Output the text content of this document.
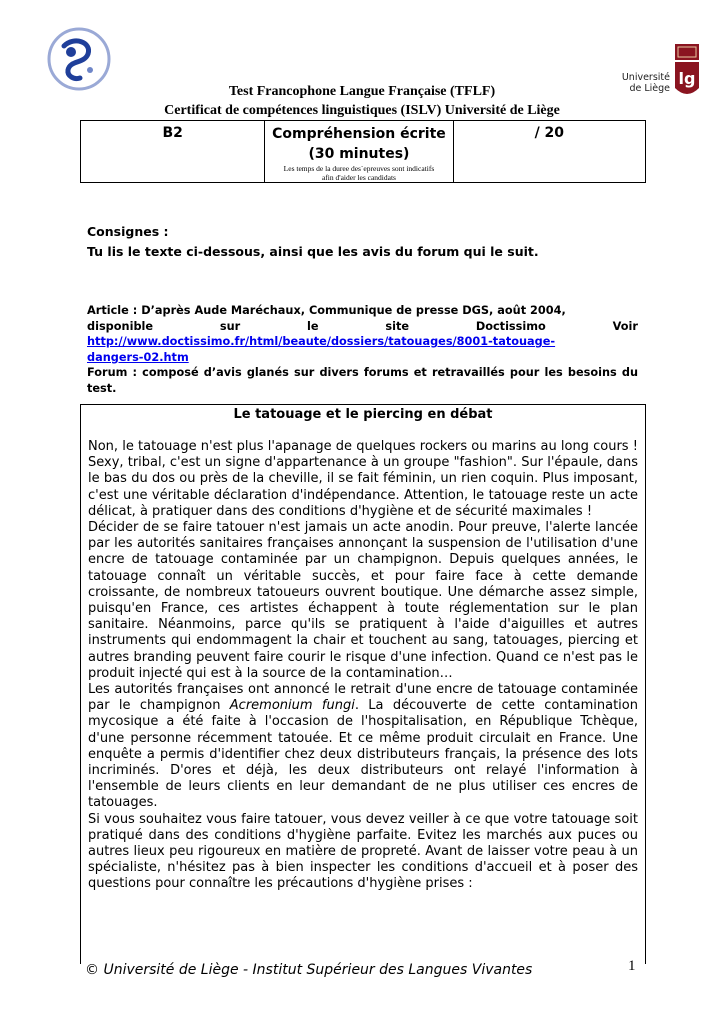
Université
de Liège
lg
Test Francophone Langue Française (TFLF)
Certificat de compétences linguistiques (ISLV) Université de Liège
B2	Compréhension écrite
(30 minutes)
Les temps de la duree des`epreuves sont indicatifs
afin d'aider les candidats
	/ 20
Consignes :
Tu lis le texte ci-dessous, ainsi que les avis du forum qui le suit.
Article : D’après Aude Maréchaux, Communique de presse DGS, août 2004,
disponible	sur	le	site	Doctissimo	Voir
http://www.doctissimo.fr/html/beaute/dossiers/tatouages/8001-tatouage-
dangers-02.htm
Forum : composé d’avis glanés sur divers forums et retravaillés pour les besoins du test.
Le tatouage et le piercing en débat

Non, le tatouage n'est plus l'apanage de quelques rockers ou marins au long cours ! Sexy, tribal, c'est un signe d'appartenance à un groupe "fashion". Sur l'épaule, dans le bas du dos ou près de la cheville, il se fait féminin, un rien coquin. Plus imposant, c'est une véritable déclaration d'indépendance. Attention, le tatouage reste un acte délicat, à pratiquer dans des conditions d'hygiène et de sécurité maximales !

Décider de se faire tatouer n'est jamais un acte anodin. Pour preuve, l'alerte lancée par les autorités sanitaires françaises annonçant la suspension de l'utilisation d'une encre de tatouage contaminée par un champignon. Depuis quelques années, le tatouage connaît un véritable succès, et pour faire face à cette demande croissante, de nombreux tatoueurs ouvrent boutique. Une démarche assez simple, puisqu'en France, ces artistes échappent à toute réglementation sur le plan sanitaire. Néanmoins, parce qu'ils se pratiquent à l'aide d'aiguilles et autres instruments qui endommagent la chair et touchent au sang, tatouages, piercing et autres branding peuvent faire courir le risque d'une infection. Quand ce n'est pas le produit injecté qui est à la source de la contamination…

Les autorités françaises ont annoncé le retrait d'une encre de tatouage contaminée par le champignon Acremonium fungi. La découverte de cette contamination mycosique a été faite à l'occasion de l'hospitalisation, en République Tchèque, d'une personne récemment tatouée. Et ce même produit circulait en France. Une enquête a permis d'identifier chez deux distributeurs français, la présence des lots incriminés. D'ores et déjà, les deux distributeurs ont relayé l'information à l'ensemble de leurs clients en leur demandant de ne plus utiliser ces encres de tatouages.

Si vous souhaitez vous faire tatouer, vous devez veiller à ce que votre tatouage soit pratiqué dans des conditions d'hygiène parfaite. Evitez les marchés aux puces ou autres lieux peu rigoureux en matière de propreté. Avant de laisser votre peau à un spécialiste, n'hésitez pas à bien inspecter les conditions d'accueil et à poser des questions pour connaître les précautions d'hygiène prises :

© Université de Liège - Institut Supérieur des Langues Vivantes	1
